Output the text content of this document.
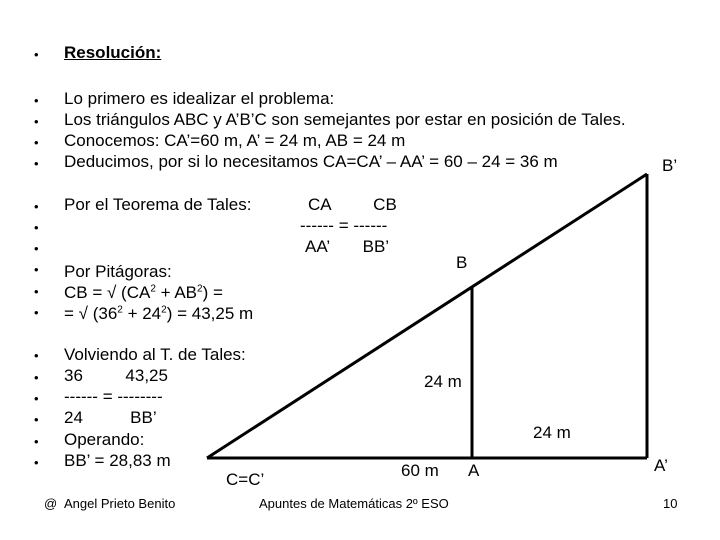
•
•
•
•
•
•
•
•
•
•
•
•
•
•
•
•
•
Resolución:
Lo primero es idealizar el problema:
Los triángulos ABC y A’B’C son semejantes por estar en posición de Tales.
Conocemos: CA’=60 m, A’ = 24 m, AB = 24 m
Deducimos, por si lo necesitamos CA=CA’ – AA’ = 60 – 24 = 36 m
Por el Teorema de Tales:	CA         CB
------ = ------
AA’       BB’
Por Pitágoras:
CB = √ $(CA^2 + AB^2)$ =
= √ $(36^2 + 24^2) = 43,25$ m
Volviendo al T. de Tales:
36         43,25
------ = --------
24          BB’
Operando:
BB’ = 28,83 m
B’
B
C=C’	A	A’
60 m
24 m
24 m
@ Angel Prieto Benito	Apuntes de Matemáticas 2º ESO	10
